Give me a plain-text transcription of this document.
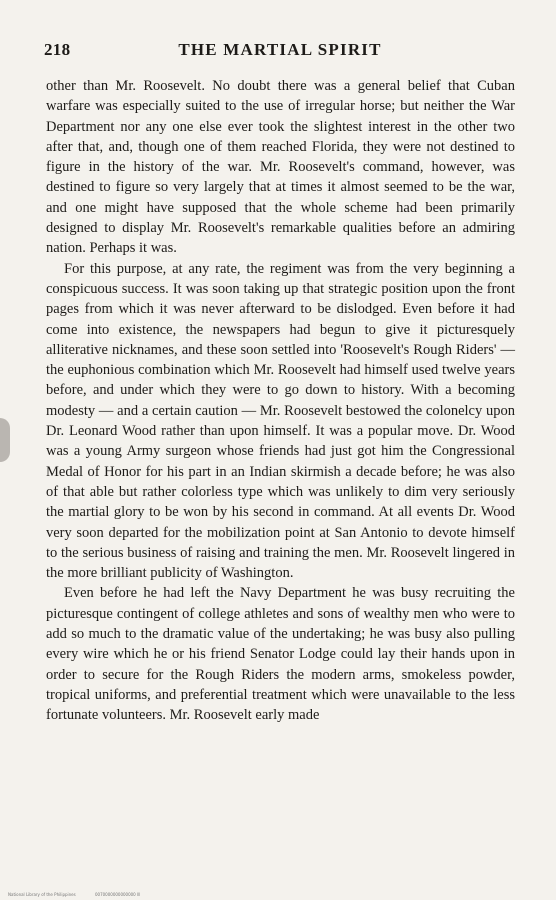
218	THE MARTIAL SPIRIT

other than Mr. Roosevelt. No doubt there was a general belief that Cuban warfare was especially suited to the use of irregular horse; but neither the War Department nor any one else ever took the slightest interest in the other two after that, and, though one of them reached Florida, they were not destined to figure in the history of the war. Mr. Roosevelt's command, however, was destined to figure so very largely that at times it almost seemed to be the war, and one might have supposed that the whole scheme had been primarily designed to display Mr. Roosevelt's remarkable qualities before an admiring nation. Perhaps it was.

For this purpose, at any rate, the regiment was from the very beginning a conspicuous success. It was soon taking up that strategic position upon the front pages from which it was never afterward to be dislodged. Even before it had come into existence, the newspapers had begun to give it picturesquely alliterative nicknames, and these soon settled into 'Roosevelt's Rough Riders' — the euphonious combination which Mr. Roosevelt had himself used twelve years before, and under which they were to go down to history. With a becoming modesty — and a certain caution — Mr. Roosevelt bestowed the colonelcy upon Dr. Leonard Wood rather than upon himself. It was a popular move. Dr. Wood was a young Army surgeon whose friends had just got him the Congressional Medal of Honor for his part in an Indian skirmish a decade before; he was also of that able but rather colorless type which was unlikely to dim very seriously the martial glory to be won by his second in command. At all events Dr. Wood very soon departed for the mobilization point at San Antonio to devote himself to the serious business of raising and training the men. Mr. Roosevelt lingered in the more brilliant publicity of Washington.

Even before he had left the Navy Department he was busy recruiting the picturesque contingent of college athletes and sons of wealthy men who were to add so much to the dramatic value of the undertaking; he was busy also pulling every wire which he or his friend Senator Lodge could lay their hands upon in order to secure for the Rough Riders the modern arms, smokeless powder, tropical uniforms, and preferential treatment which were unavailable to the less fortunate volunteers. Mr. Roosevelt early made

National Library of the Philippines	0070000000000000 lll
